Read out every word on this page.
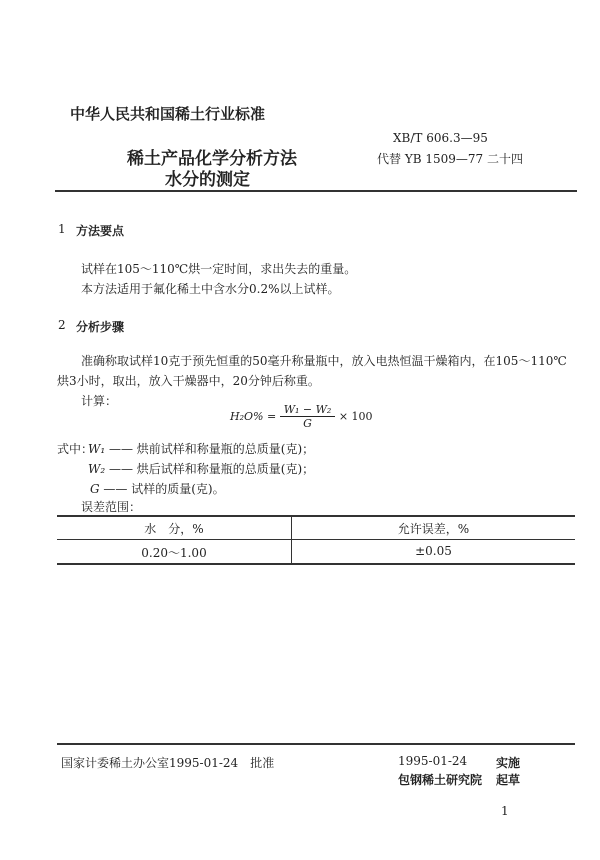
中华人民共和国稀土行业标准
稀土产品化学分析方法
水分的测定
XB/T 606.3—95
代替 YB 1509—77 二十四
1 方法要点
试样在105～110℃烘一定时间，求出失去的重量。
本方法适用于氟化稀土中含水分0.2%以上试样。
2 分析步骤
准确称取试样10克于预先恒重的50毫升称量瓶中，放入电热恒温干燥箱内，在105～110℃
烘3小时，取出，放入干燥器中，20分钟后称重。
计算：
$H_2O\% = \frac{\text{W₁ − W₂}}{G} \times 100$
式中：
W₁ —— 烘前试样和称量瓶的总质量(克)；
W₂ —— 烘后试样和称量瓶的总质量(克)；
G —— 试样的质量(克)。
误差范围：
水　分，%	允许误差，%
0.20～1.00	±0.05
国家计委稀土办公室1995-01-24　批准	1995-01-24 实施
包钢稀土研究院 起草
1
